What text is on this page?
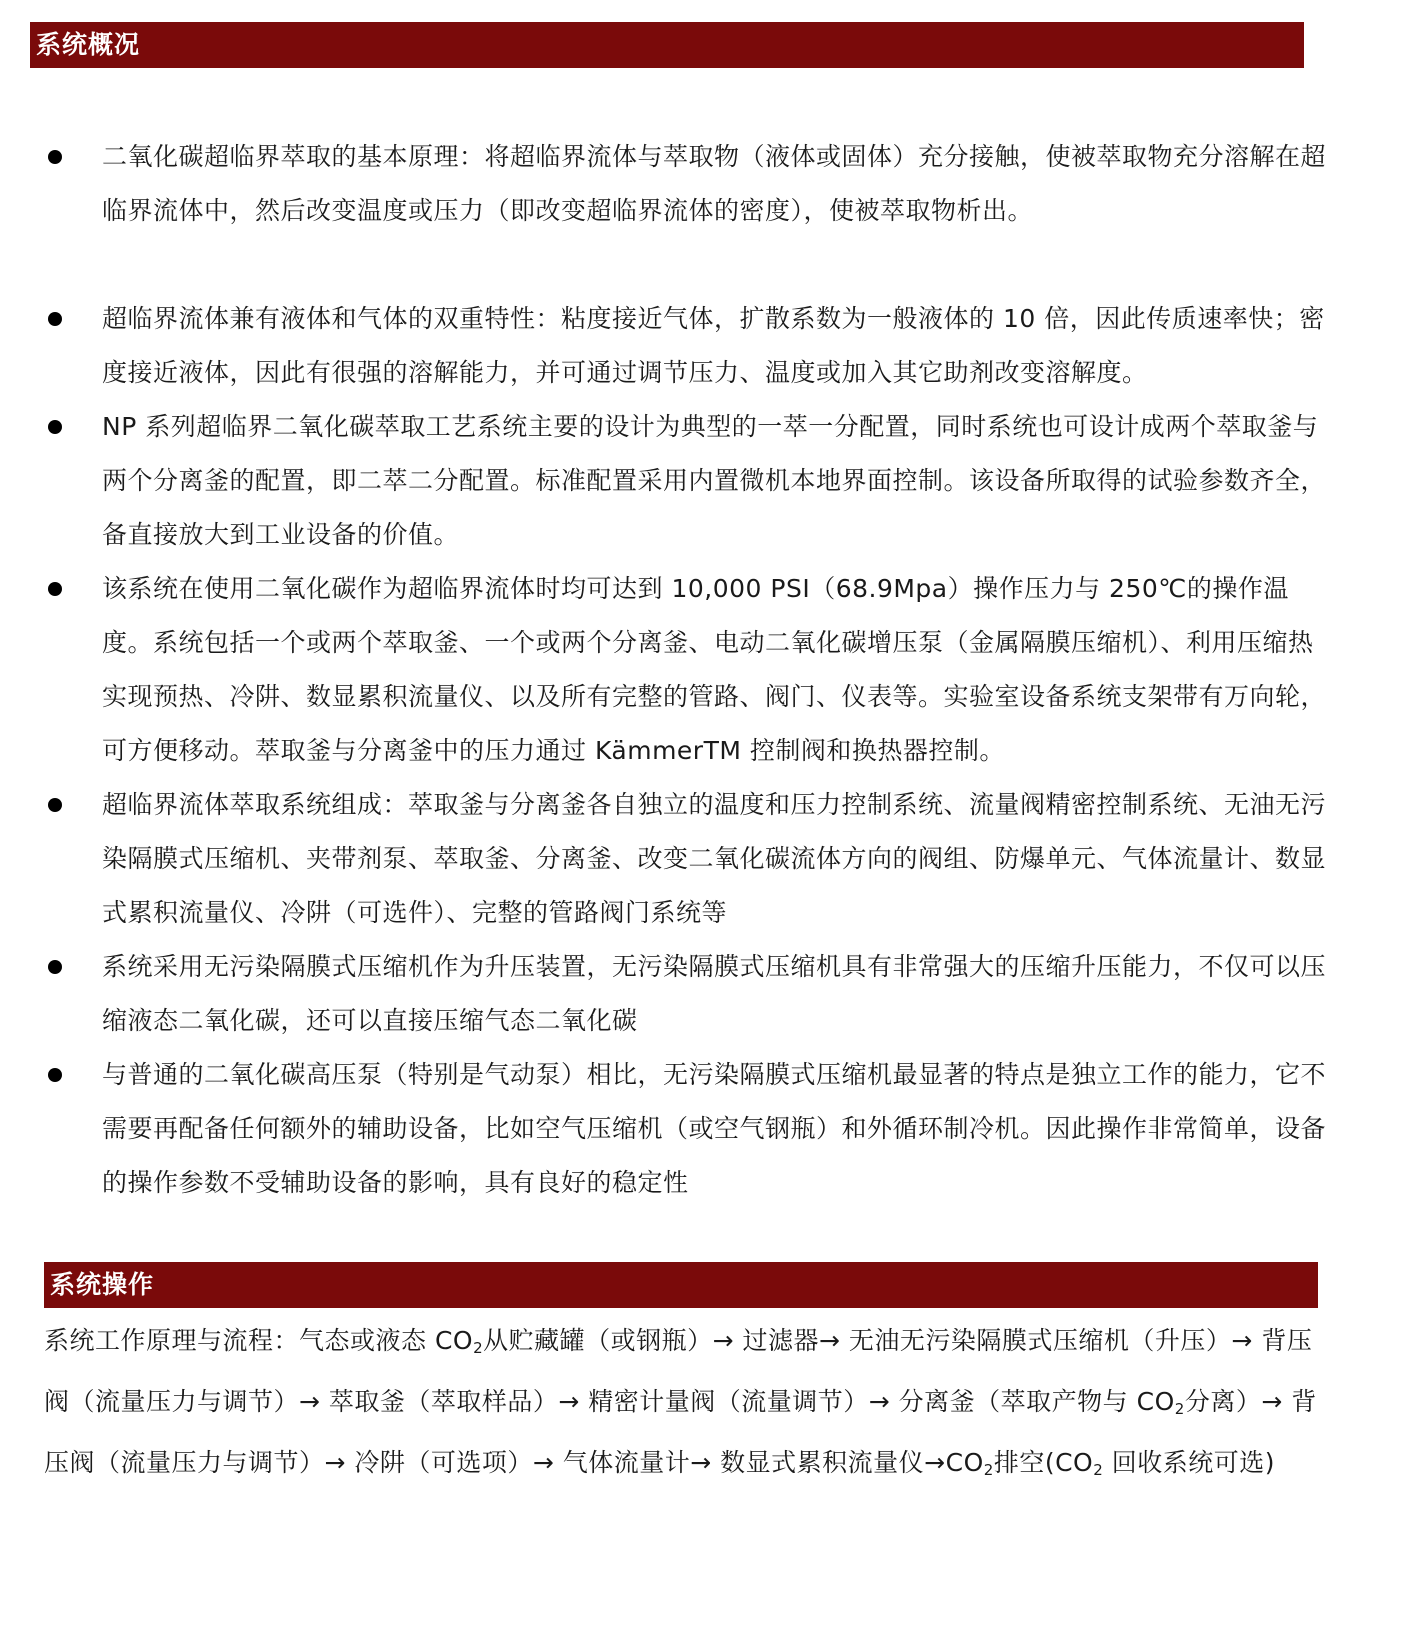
系统概况
二氧化碳超临界萃取的基本原理：将超临界流体与萃取物（液体或固体）充分接触，使被萃取物充分溶解在超临界流体中，然后改变温度或压力（即改变超临界流体的密度），使被萃取物析出。
超临界流体兼有液体和气体的双重特性：粘度接近气体，扩散系数为一般液体的 10 倍，因此传质速率快；密度接近液体，因此有很强的溶解能力，并可通过调节压力、温度或加入其它助剂改变溶解度。
NP 系列超临界二氧化碳萃取工艺系统主要的设计为典型的一萃一分配置，同时系统也可设计成两个萃取釜与两个分离釜的配置，即二萃二分配置。标准配置采用内置微机本地界面控制。该设备所取得的试验参数齐全，备直接放大到工业设备的价值。
该系统在使用二氧化碳作为超临界流体时均可达到 10,000 PSI（68.9Mpa）操作压力与 250℃的操作温度。系统包括一个或两个萃取釜、一个或两个分离釜、电动二氧化碳增压泵（金属隔膜压缩机）、利用压缩热实现预热、冷阱、数显累积流量仪、以及所有完整的管路、阀门、仪表等。实验室设备系统支架带有万向轮，可方便移动。萃取釜与分离釜中的压力通过 KämmerTM 控制阀和换热器控制。
超临界流体萃取系统组成：萃取釜与分离釜各自独立的温度和压力控制系统、流量阀精密控制系统、无油无污染隔膜式压缩机、夹带剂泵、萃取釜、分离釜、改变二氧化碳流体方向的阀组、防爆单元、气体流量计、数显式累积流量仪、冷阱（可选件）、完整的管路阀门系统等
系统采用无污染隔膜式压缩机作为升压装置，无污染隔膜式压缩机具有非常强大的压缩升压能力，不仅可以压缩液态二氧化碳，还可以直接压缩气态二氧化碳
与普通的二氧化碳高压泵（特别是气动泵）相比，无污染隔膜式压缩机最显著的特点是独立工作的能力，它不需要再配备任何额外的辅助设备，比如空气压缩机（或空气钢瓶）和外循环制冷机。因此操作非常简单，设备的操作参数不受辅助设备的影响，具有良好的稳定性
系统操作

系统工作原理与流程：气态或液态 $CO_2$从贮藏罐（或钢瓶）→ 过滤器→ 无油无污染隔膜式压缩机（升压）→ 背压阀（流量压力与调节）→ 萃取釜（萃取样品）→ 精密计量阀（流量调节）→ 分离釜（萃取产物与 $CO_2$分离）→ 背压阀（流量压力与调节）→ 冷阱（可选项）→ 气体流量计→ 数显式累积流量仪$\to CO_2$排空($CO_2$ 回收系统可选)
